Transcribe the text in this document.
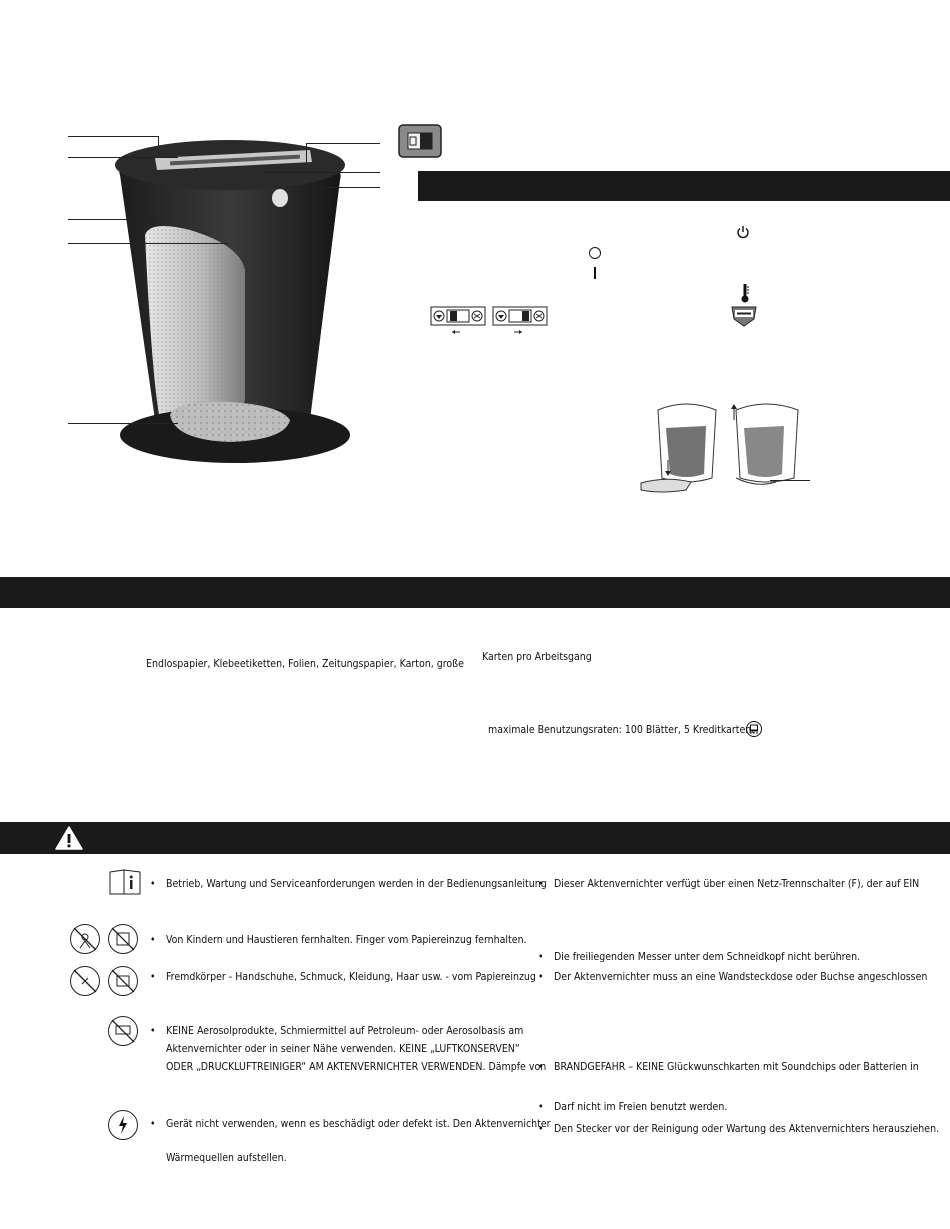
Endlospapier, Klebeetiketten, Folien, Zeitungspapier, Karton, große
Karten pro Arbeitsgang
maximale Benutzungsraten: 100 Blätter, 5 Kreditkarten.
• Betrieb, Wartung und Serviceanforderungen werden in der Bedienungsanleitung
• Von Kindern und Haustieren fernhalten. Finger vom Papiereinzug fernhalten.
• Fremdkörper - Handschuhe, Schmuck, Kleidung, Haar usw. - vom Papiereinzug
• KEINE Aerosolprodukte, Schmiermittel auf Petroleum- oder Aerosolbasis am
Aktenvernichter oder in seiner Nähe verwenden. KEINE „LUFTKONSERVEN“
ODER „DRUCKLUFTREINIGER“ AM AKTENVERNICHTER VERWENDEN. Dämpfe von
• Gerät nicht verwenden, wenn es beschädigt oder defekt ist. Den Aktenvernichter
Wärmequellen aufstellen.
• Dieser Aktenvernichter verfügt über einen Netz-Trennschalter (F), der auf EIN
• Die freiliegenden Messer unter dem Schneidkopf nicht berühren.
• Der Aktenvernichter muss an eine Wandsteckdose oder Buchse angeschlossen
• BRANDGEFAHR – KEINE Glückwunschkarten mit Soundchips oder Batterien in
• Darf nicht im Freien benutzt werden.
• Den Stecker vor der Reinigung oder Wartung des Aktenvernichters herausziehen.
